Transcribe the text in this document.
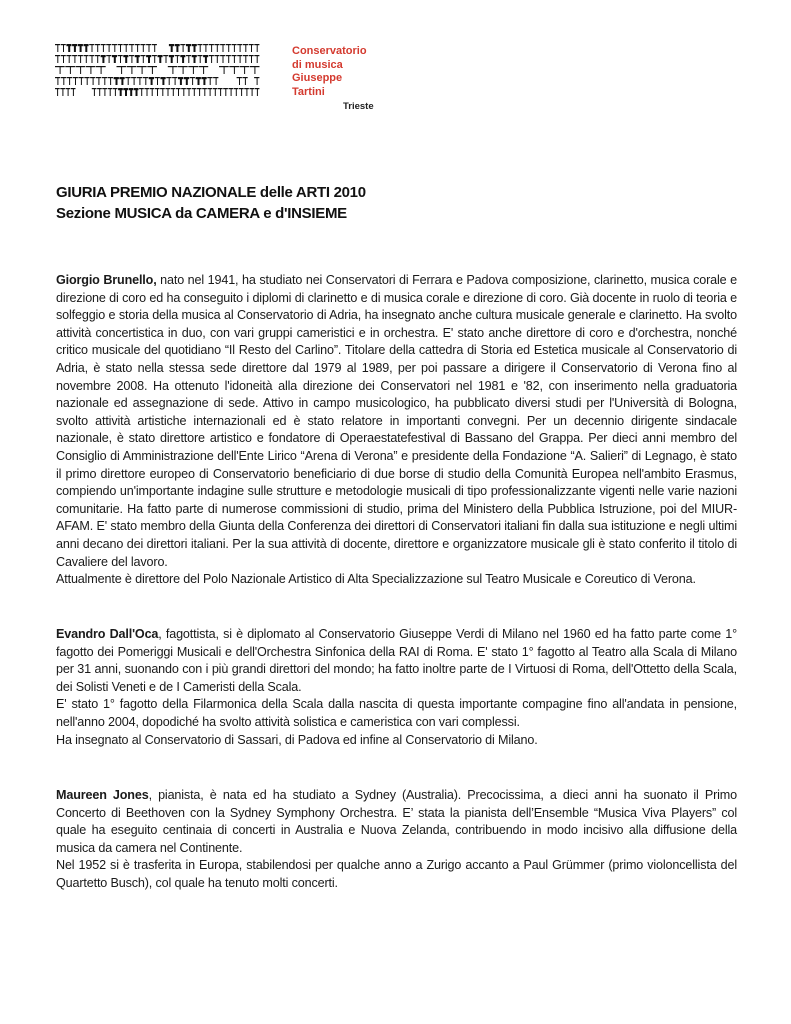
Conservatorio
di musica
Giuseppe
Tartini
Trieste
GIURIA PREMIO NAZIONALE delle ARTI 2010
Sezione MUSICA da CAMERA e d'INSIEME

Giorgio Brunello, nato nel 1941, ha studiato nei Conservatori di Ferrara e Padova composizione, clarinetto, musica corale e direzione di coro ed ha conseguito i diplomi di clarinetto e di musica corale e direzione di coro. Già docente in ruolo di teoria e solfeggio e storia della musica al Conservatorio di Adria, ha insegnato anche cultura musicale generale e clarinetto. Ha svolto attività concertistica in duo, con vari gruppi cameristici e in orchestra. E' stato anche direttore di coro e d'orchestra, nonché critico musicale del quotidiano “Il Resto del Carlino”. Titolare della cattedra di Storia ed Estetica musicale al Conservatorio di Adria, è stato nella stessa sede direttore dal 1979 al 1989, per poi passare a dirigere il Conservatorio di Verona fino al novembre 2008. Ha ottenuto l'idoneità alla direzione dei Conservatori nel 1981 e '82, con inserimento nella graduatoria nazionale ed assegnazione di sede. Attivo in campo musicologico, ha pubblicato diversi studi per l'Università di Bologna, svolto attività artistiche internazionali ed è stato relatore in importanti convegni. Per un decennio dirigente sindacale nazionale, è stato direttore artistico e fondatore di Operaestatefestival di Bassano del Grappa. Per dieci anni membro del Consiglio di Amministrazione dell'Ente Lirico “Arena di Verona” e presidente della Fondazione “A. Salieri” di Legnago, è stato il primo direttore europeo di Conservatorio beneficiario di due borse di studio della Comunità Europea nell'ambito Erasmus, compiendo un'importante indagine sulle strutture e metodologie musicali di tipo professionalizzante vigenti nelle varie nazioni comunitarie. Ha fatto parte di numerose commissioni di studio, prima del Ministero della Pubblica Istruzione, poi del MIUR-AFAM. E' stato membro della Giunta della Conferenza dei direttori di Conservatori italiani fin dalla sua istituzione e negli ultimi anni decano dei direttori italiani. Per la sua attività di docente, direttore e organizzatore musicale gli è stato conferito il titolo di Cavaliere del lavoro.

Attualmente è direttore del Polo Nazionale Artistico di Alta Specializzazione sul Teatro Musicale e Coreutico di Verona.

Evandro Dall'Oca, fagottista, si è diplomato al Conservatorio Giuseppe Verdi di Milano nel 1960 ed ha fatto parte come 1° fagotto dei Pomeriggi Musicali e dell'Orchestra Sinfonica della RAI di Roma. E' stato 1° fagotto al Teatro alla Scala di Milano per 31 anni, suonando con i più grandi direttori del mondo; ha fatto inoltre parte de I Virtuosi di Roma, dell'Ottetto della Scala, dei Solisti Veneti e de I Cameristi della Scala.

E' stato 1° fagotto della Filarmonica della Scala dalla nascita di questa importante compagine fino all'andata in pensione, nell'anno 2004, dopodiché ha svolto attività solistica e cameristica con vari complessi.

Ha insegnato al Conservatorio di Sassari, di Padova ed infine al Conservatorio di Milano.

Maureen Jones, pianista, è nata ed ha studiato a Sydney (Australia). Precocissima, a dieci anni ha suonato il Primo Concerto di Beethoven con la Sydney Symphony Orchestra. E’ stata la pianista dell’Ensemble “Musica Viva Players” col quale ha eseguito centinaia di concerti in Australia e Nuova Zelanda, contribuendo in modo incisivo alla diffusione della musica da camera nel Continente.

Nel 1952 si è trasferita in Europa, stabilendosi per qualche anno a Zurigo accanto a Paul Grümmer (primo violoncellista del Quartetto Busch), col quale ha tenuto molti concerti.
